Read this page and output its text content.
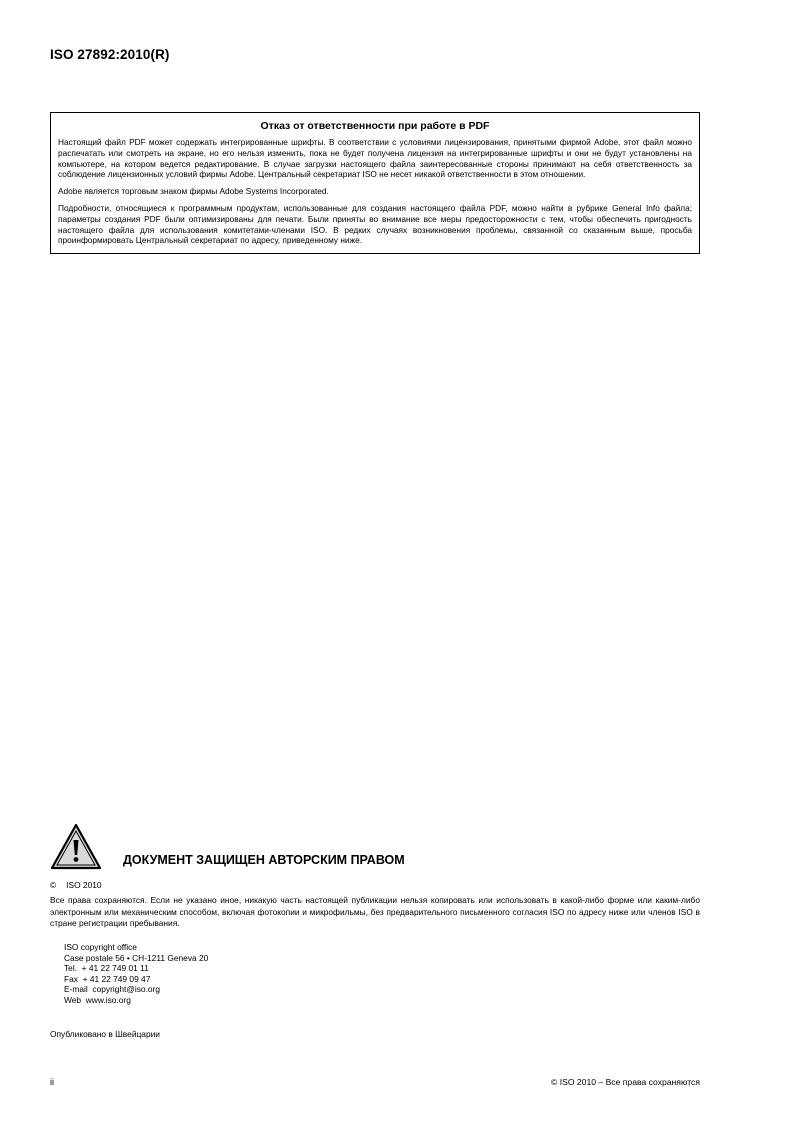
ISO 27892:2010(R)
Отказ от ответственности при работе в PDF

Настоящий файл PDF может содержать интегрированные шрифты. В соответствии с условиями лицензирования, принятыми фирмой Adobe, этот файл можно распечатать или смотреть на экране, но его нельзя изменить, пока не будет получена лицензия на интегрированные шрифты и они не будут установлены на компьютере, на котором ведется редактирование. В случае загрузки настоящего файла заинтересованные стороны принимают на себя ответственность за соблюдение лицензионных условий фирмы Adobe. Центральный секретариат ISO не несет никакой ответственности в этом отношении.

Adobe является торговым знаком фирмы Adobe Systems Incorporated.

Подробности, относящиеся к программным продуктам, использованные для создания настоящего файла PDF, можно найти в рубрике General Info файла; параметры создания PDF были оптимизированы для печати. Были приняты во внимание все меры предосторожности с тем, чтобы обеспечить пригодность настоящего файла для использования комитетами-членами ISO. В редких случаях возникновения проблемы, связанной со сказанным выше, просьба проинформировать Центральный секретариат по адресу, приведенному ниже.

ДОКУМЕНТ ЗАЩИЩЕН АВТОРСКИМ ПРАВОМ
© ISO 2010

Все права сохраняются. Если не указано иное, никакую часть настоящей публикации нельзя копировать или использовать в какой-либо форме или каким-либо электронным или механическим способом, включая фотокопии и микрофильмы, без предварительного письменного согласия ISO по адресу ниже или членов ISO в стране регистрации пребывания.

ISO copyright office
Case postale 56 • CH-1211 Geneva 20
Tel.  + 41 22 749 01 11
Fax  + 41 22 749 09 47
E-mail  copyright@iso.org
Web  www.iso.org
Опубликовано в Швейцарии
ii	© ISO 2010 – Все права сохраняются
